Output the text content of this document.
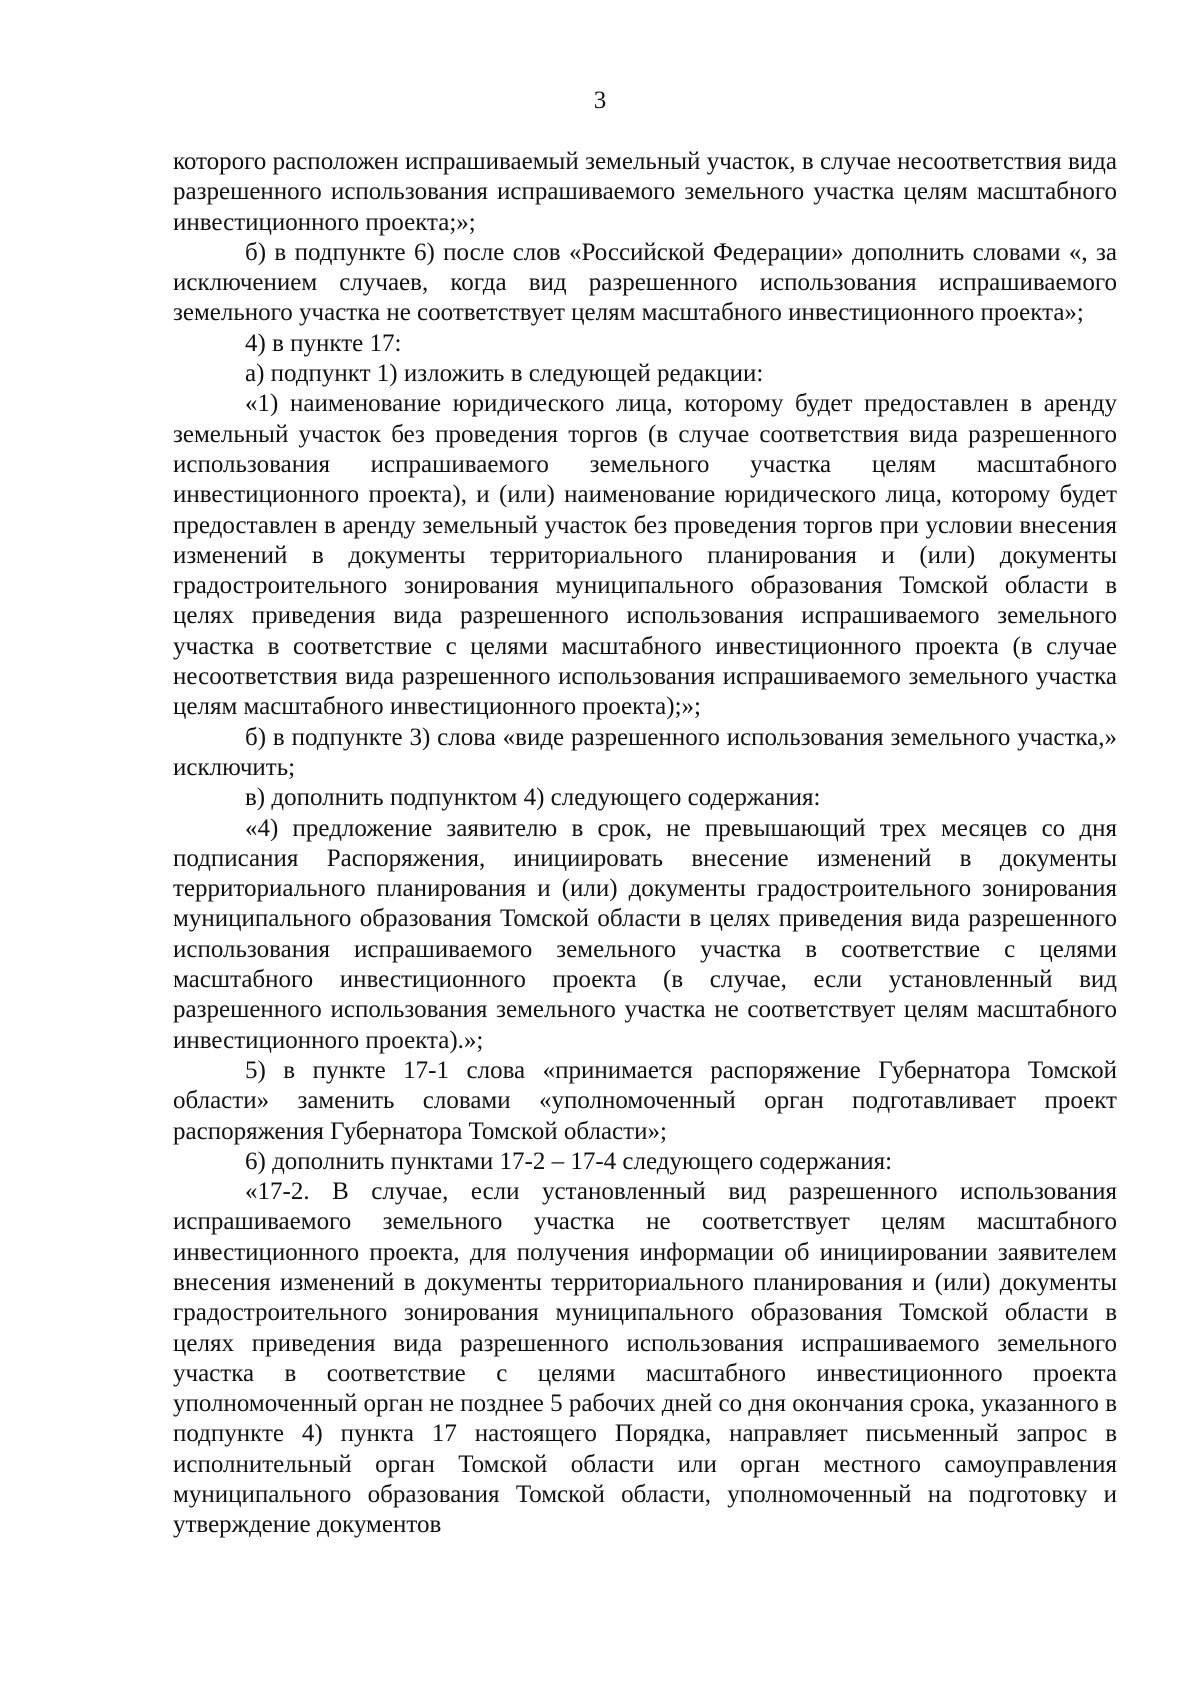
3

которого расположен испрашиваемый земельный участок, в случае несоответствия вида разрешенного использования испрашиваемого земельного участка целям масштабного инвестиционного проекта;»;

б) в подпункте 6) после слов «Российской Федерации» дополнить словами «, за исключением случаев, когда вид разрешенного использования испрашиваемого земельного участка не соответствует целям масштабного инвестиционного проекта»;

4) в пункте 17:

а) подпункт 1) изложить в следующей редакции:

«1) наименование юридического лица, которому будет предоставлен в аренду земельный участок без проведения торгов (в случае соответствия вида разрешенного использования испрашиваемого земельного участка целям масштабного инвестиционного проекта), и (или) наименование юридического лица, которому будет предоставлен в аренду земельный участок без проведения торгов при условии внесения изменений в документы территориального планирования и (или) документы градостроительного зонирования муниципального образования Томской области в целях приведения вида разрешенного использования испрашиваемого земельного участка в соответствие с целями масштабного инвестиционного проекта (в случае несоответствия вида разрешенного использования испрашиваемого земельного участка целям масштабного инвестиционного проекта);»;

б) в подпункте 3) слова «виде разрешенного использования земельного участка,» исключить;

в) дополнить подпунктом 4) следующего содержания:

«4) предложение заявителю в срок, не превышающий трех месяцев со дня подписания Распоряжения, инициировать внесение изменений в документы территориального планирования и (или) документы градостроительного зонирования муниципального образования Томской области в целях приведения вида разрешенного использования испрашиваемого земельного участка в соответствие с целями масштабного инвестиционного проекта (в случае, если установленный вид разрешенного использования земельного участка не соответствует целям масштабного инвестиционного проекта).»;

5) в пункте 17-1 слова «принимается распоряжение Губернатора Томской области» заменить словами «уполномоченный орган подготавливает проект распоряжения Губернатора Томской области»;

6) дополнить пунктами 17-2 – 17-4 следующего содержания:

«17-2. В случае, если установленный вид разрешенного использования испрашиваемого земельного участка не соответствует целям масштабного инвестиционного проекта, для получения информации об инициировании заявителем внесения изменений в документы территориального планирования и (или) документы градостроительного зонирования муниципального образования Томской области в целях приведения вида разрешенного использования испрашиваемого земельного участка в соответствие с целями масштабного инвестиционного проекта уполномоченный орган не позднее 5 рабочих дней со дня окончания срока, указанного в подпункте 4) пункта 17 настоящего Порядка, направляет письменный запрос в исполнительный орган Томской области или орган местного самоуправления муниципального образования Томской области, уполномоченный на подготовку и утверждение документов
